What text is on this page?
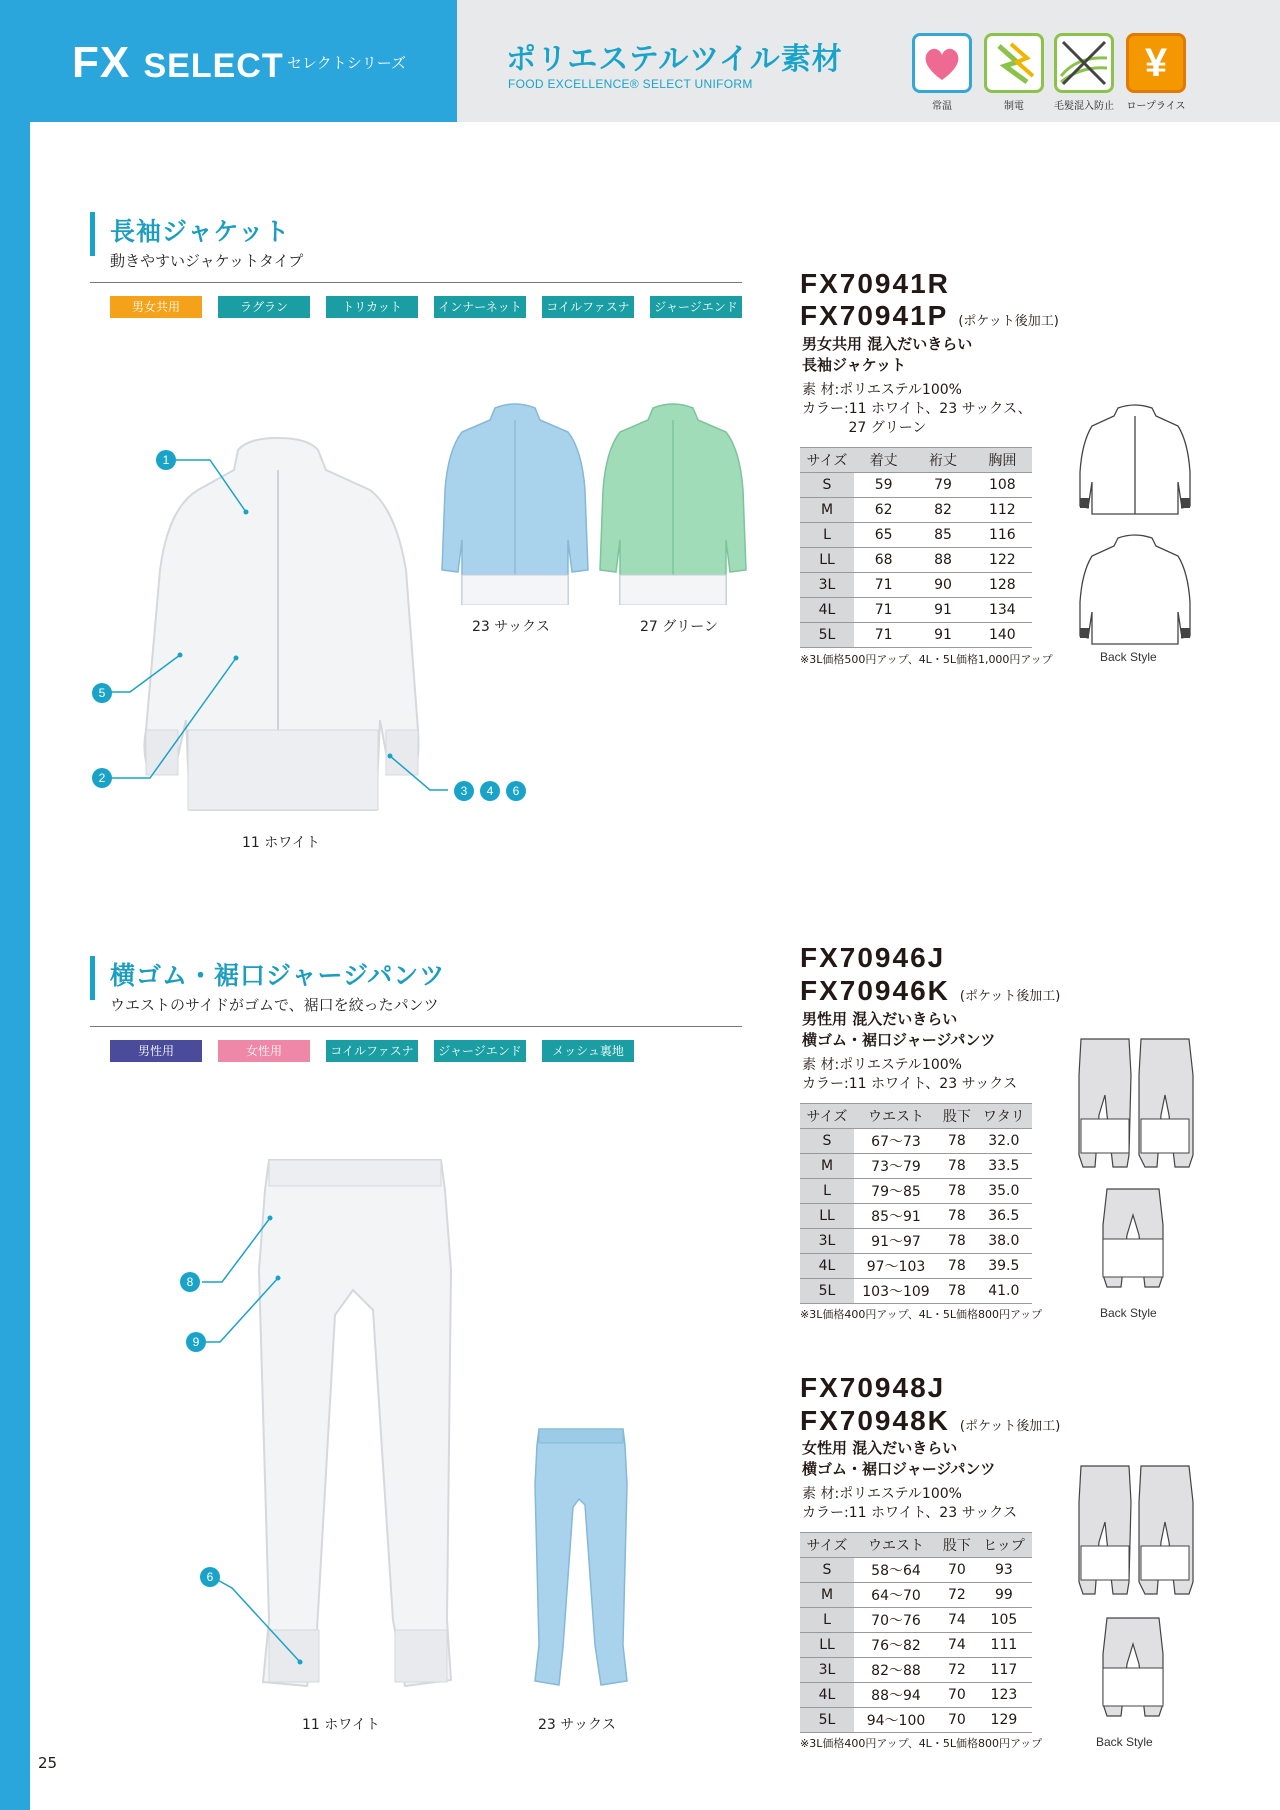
FX SELECT セレクトシリーズ	ポリエステルツイル素材
FOOD EXCELLENCE® SELECT UNIFORM
常温	制電	毛髪混入防止
¥
ロープライス
長袖ジャケット
動きやすいジャケットタイプ
男女共用	ラグラン	トリカット	インナーネット	コイルファスナー
ジャージエンド
11 ホワイト
1
5
2
3	4	6
23 サックス	27 グリーン
FX70941R
FX70941P (ポケット後加工)
男女共用 混入だいきらい
長袖ジャケット
素 材:ポリエステル100%
カラー:11 ホワイト、23 サックス、
　　　 27 グリーン
サイズ	着丈	裄丈	胸囲
S	59	79	108
M	62	82	112
L	65	85	116
LL	68	88	122
3L	71	90	128
4L	71	91	134
5L	71	91	140
※3L価格500円アップ、4L・5L価格1,000円アップ	Back Style
横ゴム・裾口ジャージパンツ
ウエストのサイドがゴムで、裾口を絞ったパンツ
男性用	女性用	コイルファスナー
ジャージエンド	メッシュ裏地
11 ホワイト	23 サックス
8
9
6
FX70946J
FX70946K (ポケット後加工)
男性用 混入だいきらい
横ゴム・裾口ジャージパンツ
素 材:ポリエステル100%
カラー:11 ホワイト、23 サックス
サイズ	ウエスト	股下	ワタリ
S	67～73	78	32.0
M	73～79	78	33.5
L	79～85	78	35.0
LL	85～91	78	36.5
3L	91～97	78	38.0
4L	97～103	78	39.5
5L	103～109	78	41.0
※3L価格400円アップ、4L・5L価格800円アップ	Back Style
FX70948J
FX70948K (ポケット後加工)
女性用 混入だいきらい
横ゴム・裾口ジャージパンツ
素 材:ポリエステル100%
カラー:11 ホワイト、23 サックス
サイズ	ウエスト	股下	ヒップ
S	58～64	70	93
M	64～70	72	99
L	70～76	74	105
LL	76～82	74	111
3L	82～88	72	117
4L	88～94	70	123
5L	94～100	70	129
※3L価格400円アップ、4L・5L価格800円アップ	Back Style
25
